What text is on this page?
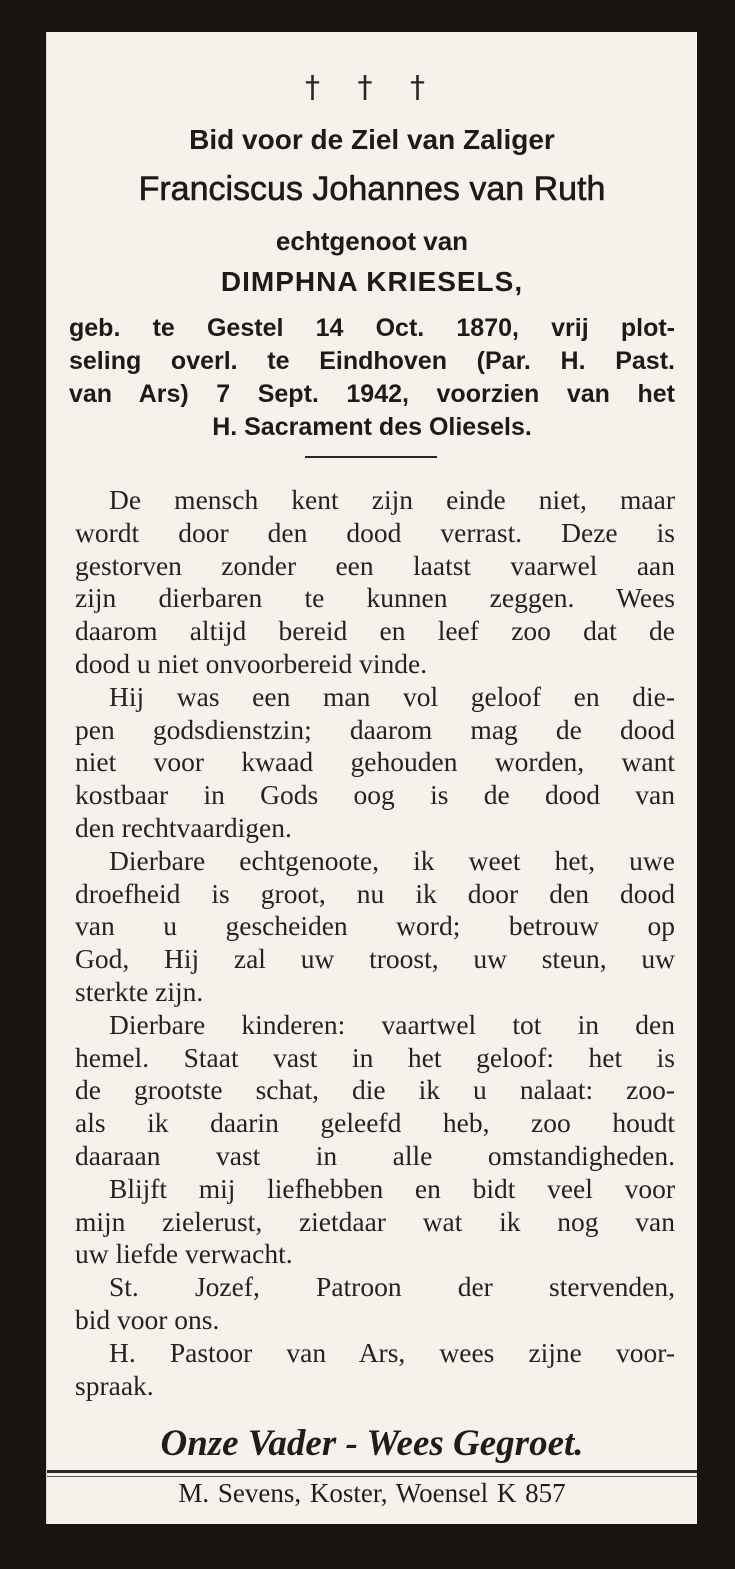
† † †
Bid voor de Ziel van Zaliger
Franciscus Johannes van Ruth
echtgenoot van
DIMPHNA KRIESELS,
geb. te Gestel 14 Oct. 1870, vrij plot-
seling overl. te Eindhoven (Par. H. Past.
van Ars) 7 Sept. 1942, voorzien van het
H. Sacrament des Oliesels.
De mensch kent zijn einde niet, maar
wordt door den dood verrast. Deze is
gestorven zonder een laatst vaarwel aan
zijn dierbaren te kunnen zeggen. Wees
daarom altijd bereid en leef zoo dat de
dood u niet onvoorbereid vinde.
Hij was een man vol geloof en die-
pen godsdienstzin; daarom mag de dood
niet voor kwaad gehouden worden, want
kostbaar in Gods oog is de dood van
den rechtvaardigen.
Dierbare echtgenoote, ik weet het, uwe
droefheid is groot, nu ik door den dood
van u gescheiden word; betrouw op
God, Hij zal uw troost, uw steun, uw
sterkte zijn.
Dierbare kinderen: vaartwel tot in den
hemel. Staat vast in het geloof: het is
de grootste schat, die ik u nalaat: zoo-
als ik daarin geleefd heb, zoo houdt
daaraan vast in alle omstandigheden.
Blijft mij liefhebben en bidt veel voor
mijn zielerust, zietdaar wat ik nog van
uw liefde verwacht.
St. Jozef, Patroon der stervenden,
bid voor ons.
H. Pastoor van Ars, wees zijne voor-
spraak.
Onze Vader - Wees Gegroet.
M. Sevens, Koster, Woensel K 857
